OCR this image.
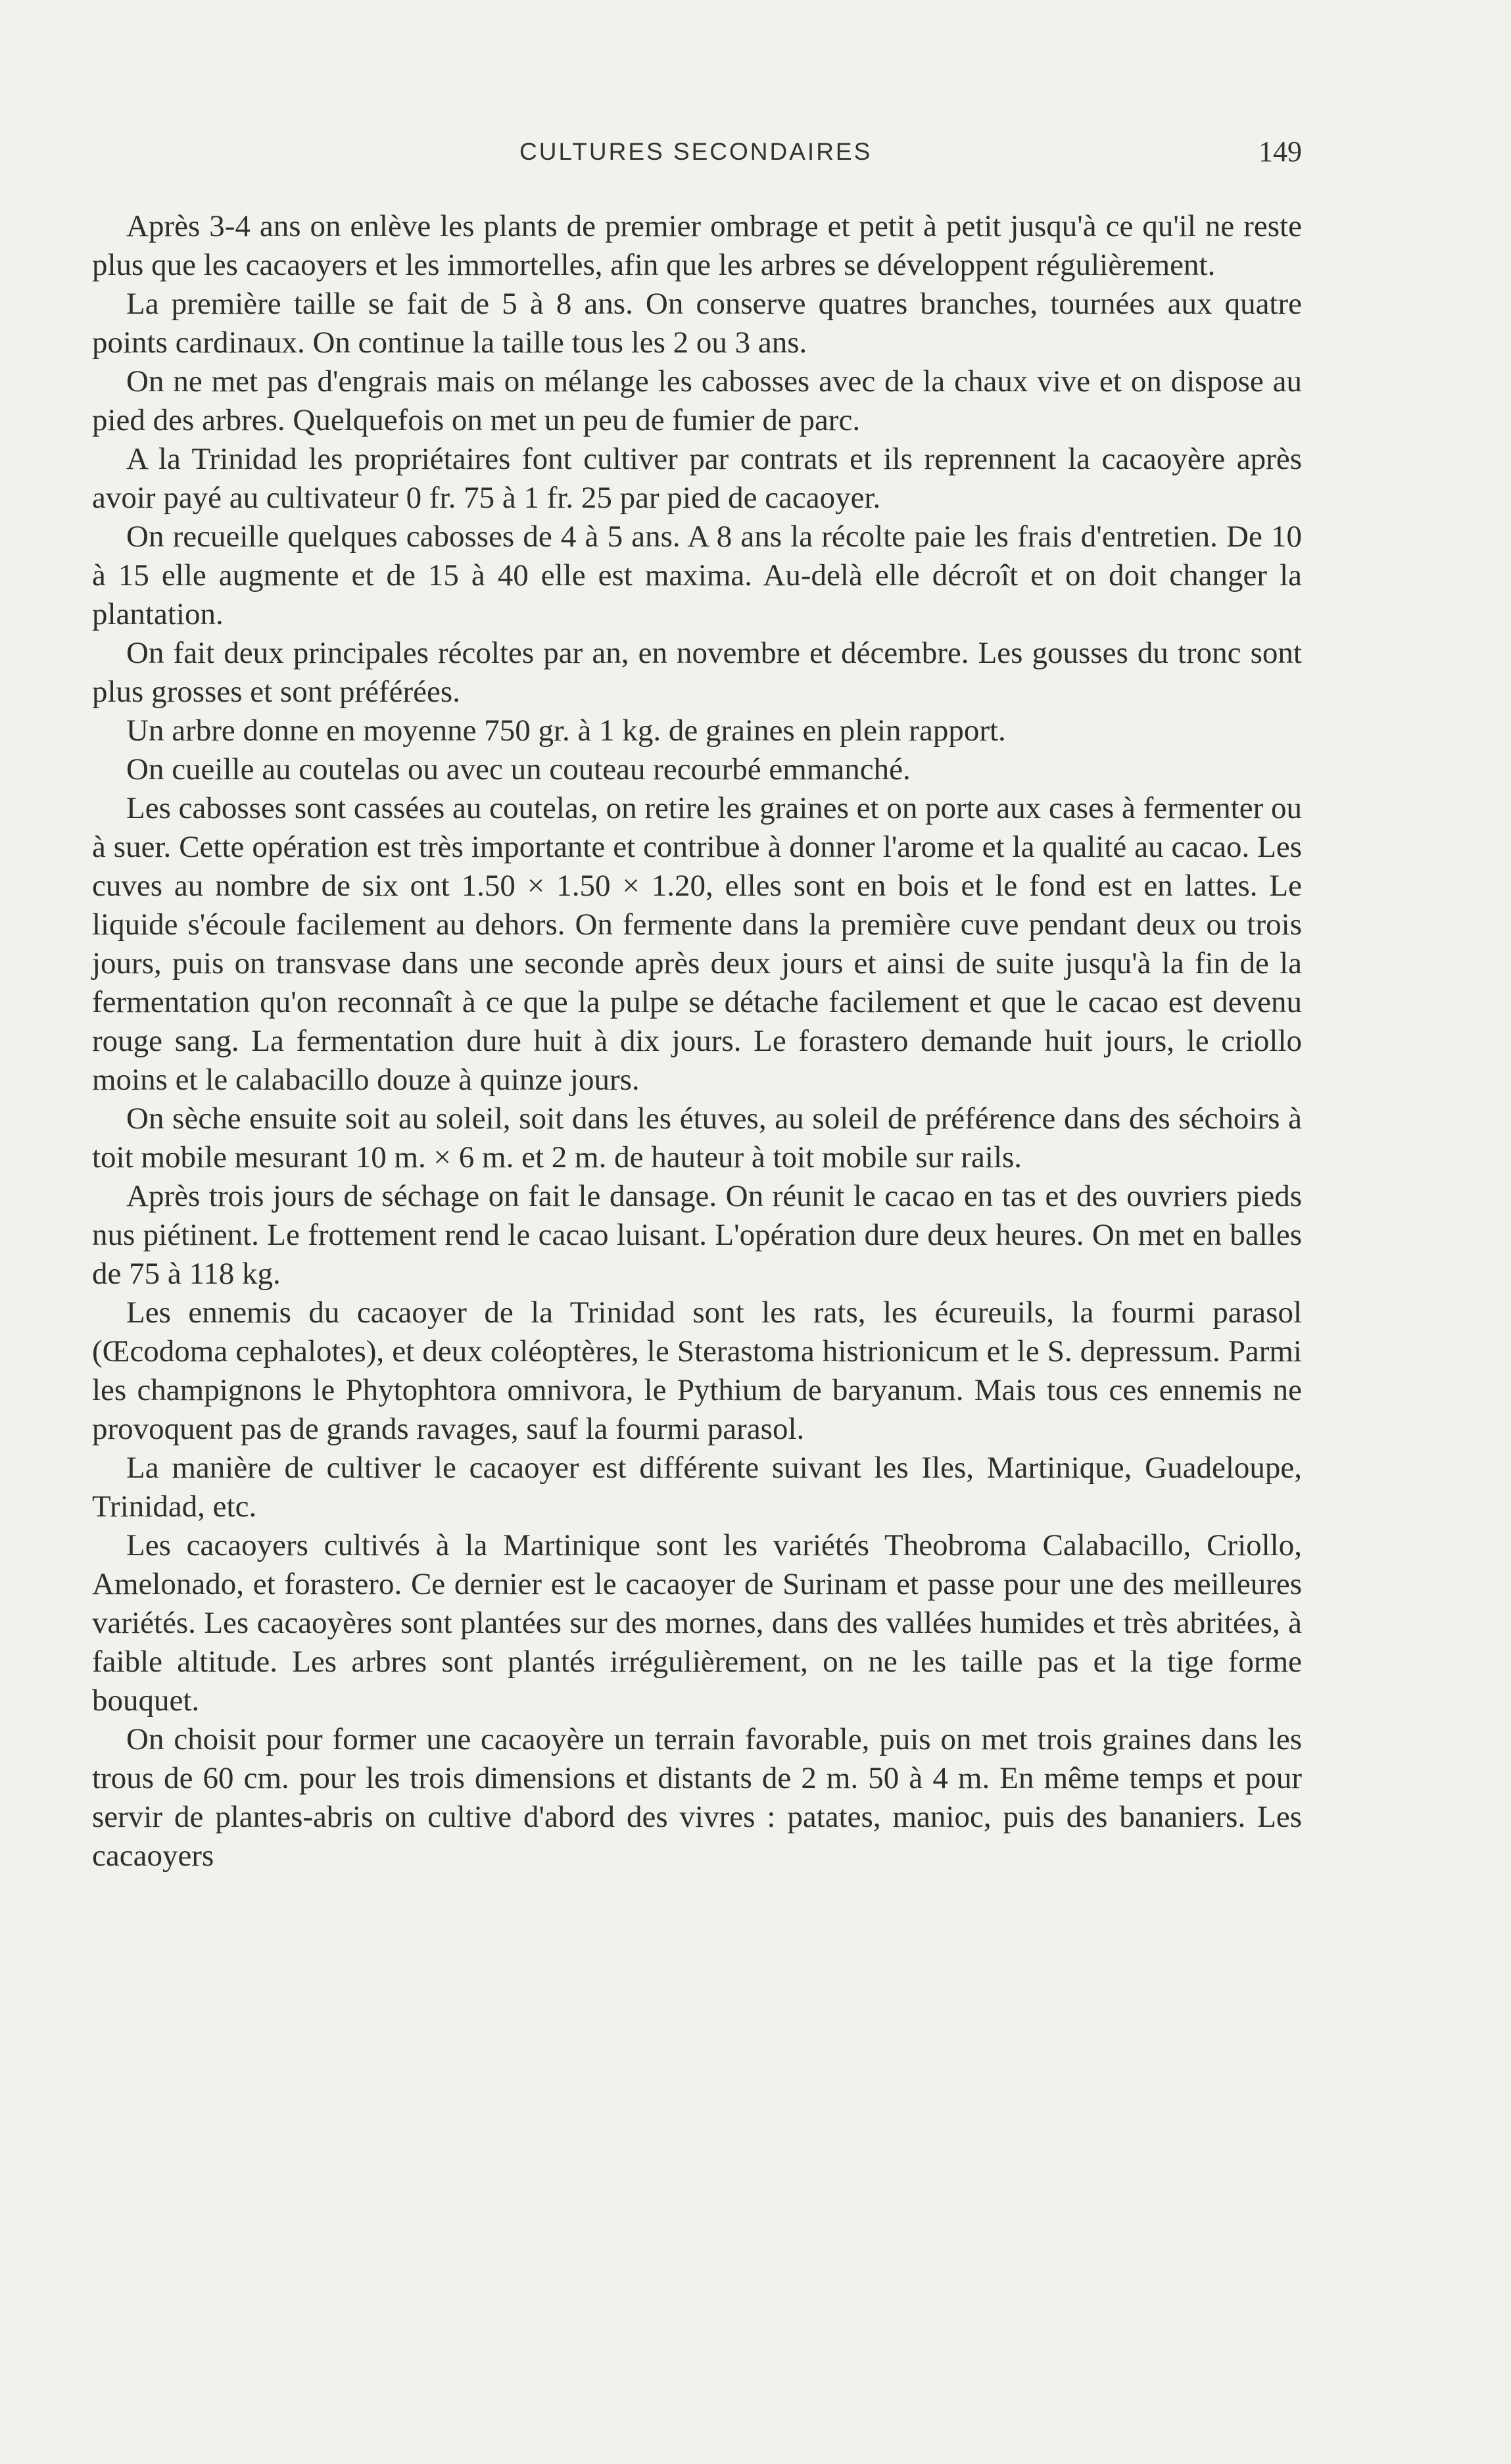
CULTURES SECONDAIRES	149

Après 3-4 ans on enlève les plants de premier ombrage et petit à petit jusqu'à ce qu'il ne reste plus que les cacaoyers et les immortelles, afin que les arbres se développent régulièrement.

La première taille se fait de 5 à 8 ans. On conserve quatres branches, tournées aux quatre points cardinaux. On continue la taille tous les 2 ou 3 ans.

On ne met pas d'engrais mais on mélange les cabosses avec de la chaux vive et on dispose au pied des arbres. Quelquefois on met un peu de fumier de parc.

A la Trinidad les propriétaires font cultiver par contrats et ils reprennent la cacaoyère après avoir payé au cultivateur 0 fr. 75 à 1 fr. 25 par pied de cacaoyer.

On recueille quelques cabosses de 4 à 5 ans. A 8 ans la récolte paie les frais d'entretien. De 10 à 15 elle augmente et de 15 à 40 elle est maxima. Au-delà elle décroît et on doit changer la plantation.

On fait deux principales récoltes par an, en novembre et décembre. Les gousses du tronc sont plus grosses et sont préférées.

Un arbre donne en moyenne 750 gr. à 1 kg. de graines en plein rapport.

On cueille au coutelas ou avec un couteau recourbé emmanché.

Les cabosses sont cassées au coutelas, on retire les graines et on porte aux cases à fermenter ou à suer. Cette opération est très importante et contribue à donner l'arome et la qualité au cacao. Les cuves au nombre de six ont 1.50 × 1.50 × 1.20, elles sont en bois et le fond est en lattes. Le liquide s'écoule facilement au dehors. On fermente dans la première cuve pendant deux ou trois jours, puis on transvase dans une seconde après deux jours et ainsi de suite jusqu'à la fin de la fermentation qu'on reconnaît à ce que la pulpe se détache facilement et que le cacao est devenu rouge sang. La fermentation dure huit à dix jours. Le forastero demande huit jours, le criollo moins et le calabacillo douze à quinze jours.

On sèche ensuite soit au soleil, soit dans les étuves, au soleil de préférence dans des séchoirs à toit mobile mesurant 10 m. × 6 m. et 2 m. de hauteur à toit mobile sur rails.

Après trois jours de séchage on fait le dansage. On réunit le cacao en tas et des ouvriers pieds nus piétinent. Le frottement rend le cacao luisant. L'opération dure deux heures. On met en balles de 75 à 118 kg.

Les ennemis du cacaoyer de la Trinidad sont les rats, les écureuils, la fourmi parasol (Œcodoma cephalotes), et deux coléoptères, le Sterastoma histrionicum et le S. depressum. Parmi les champignons le Phytophtora omnivora, le Pythium de baryanum. Mais tous ces ennemis ne provoquent pas de grands ravages, sauf la fourmi parasol.

La manière de cultiver le cacaoyer est différente suivant les Iles, Martinique, Guadeloupe, Trinidad, etc.

Les cacaoyers cultivés à la Martinique sont les variétés Theobroma Calabacillo, Criollo, Amelonado, et forastero. Ce dernier est le cacaoyer de Surinam et passe pour une des meilleures variétés. Les cacaoyères sont plantées sur des mornes, dans des vallées humides et très abritées, à faible altitude. Les arbres sont plantés irrégulièrement, on ne les taille pas et la tige forme bouquet.

On choisit pour former une cacaoyère un terrain favorable, puis on met trois graines dans les trous de 60 cm. pour les trois dimensions et distants de 2 m. 50 à 4 m. En même temps et pour servir de plantes-abris on cultive d'abord des vivres : patates, manioc, puis des bananiers. Les cacaoyers
